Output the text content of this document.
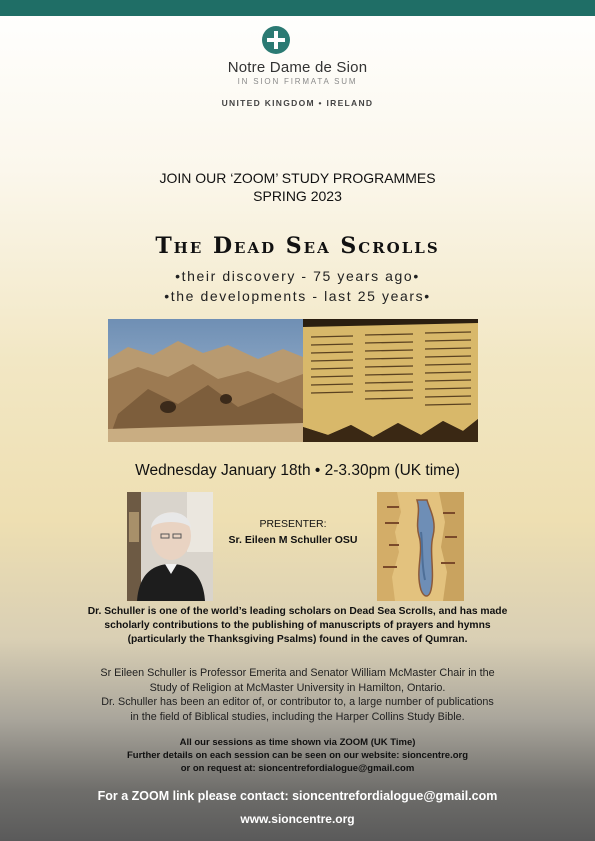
Notre Dame de Sion
IN SION FIRMATA SUM
UNITED KINGDOM • IRELAND
JOIN OUR ‘ZOOM’ STUDY PROGRAMMES
SPRING 2023
The Dead Sea Scrolls
•their discovery - 75 years ago•
•the developments - last 25 years•
Wednesday January 18th • 2-3.30pm (UK time)
PRESENTER:
Sr. Eileen M Schuller OSU
Dr. Schuller is one of the world’s leading scholars on Dead Sea Scrolls, and has made
scholarly contributions to the publishing of manuscripts of prayers and hymns
(particularly the Thanksgiving Psalms) found in the caves of Qumran.
Sr Eileen Schuller is Professor Emerita and Senator William McMaster Chair in the
Study of Religion at McMaster University in Hamilton, Ontario.
Dr. Schuller has been an editor of, or contributor to, a large number of publications
in the field of Biblical studies, including the Harper Collins Study Bible.
All our sessions as time shown via ZOOM (UK Time)
Further details on each session can be seen on our website: sioncentre.org
or on request at: sioncentrefordialogue@gmail.com
For a ZOOM link please contact: sioncentrefordialogue@gmail.com
www.sioncentre.org
